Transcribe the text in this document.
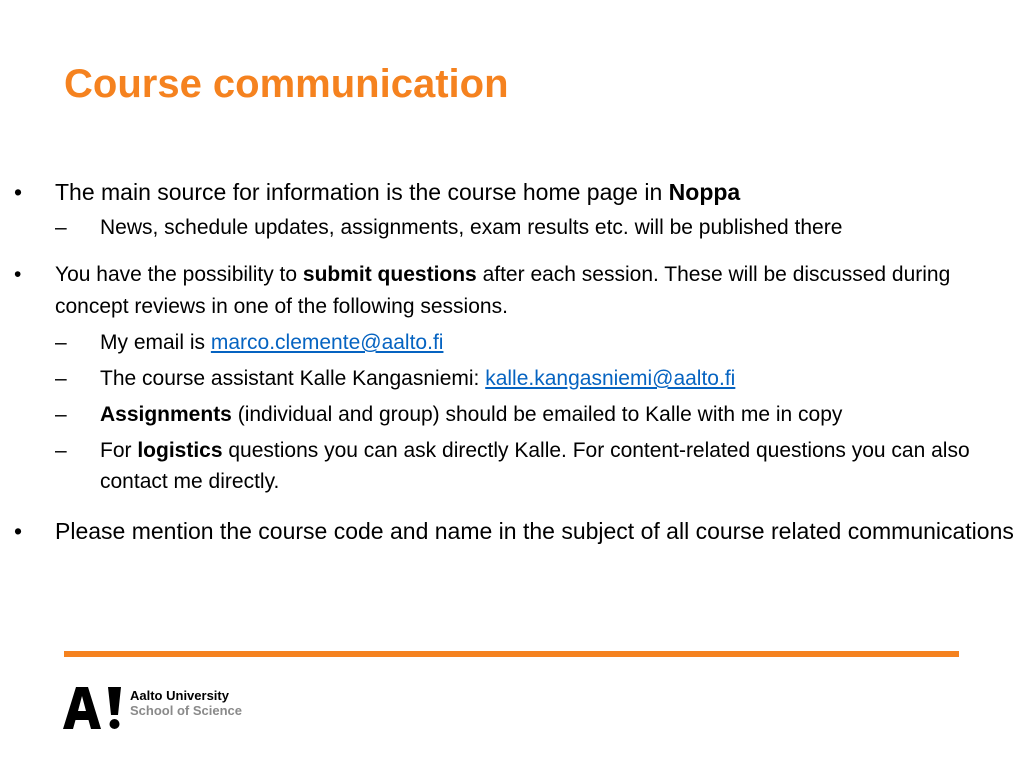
Course communication
• The main source for information is the course home page in Noppa
– News, schedule updates, assignments, exam results etc. will be published there
• You have the possibility to submit questions after each session. These will be discussed during concept reviews in one of the following sessions.
– My email is marco.clemente@aalto.fi
– The course assistant Kalle Kangasniemi: kalle.kangasniemi@aalto.fi
– Assignments (individual and group) should be emailed to Kalle with me in copy
– For logistics questions you can ask directly Kalle. For content-related questions you can also contact me directly.
• Please mention the course code and name in the subject of all course related communications
Aalto University
School of Science
